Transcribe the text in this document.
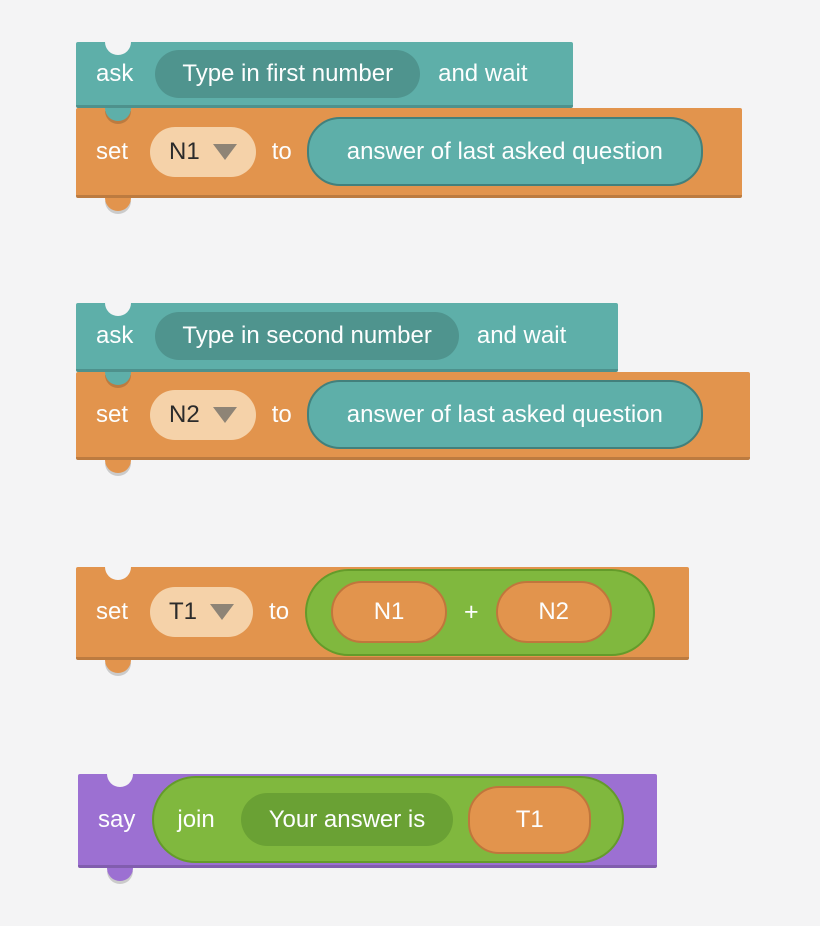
ask	Type in first number	and wait
set N1	to	answer of last asked question
ask	Type in second number	and wait
set N2	to	answer of last asked question
set T1	to	N1	+	N2
say join	Your answer is	T1
